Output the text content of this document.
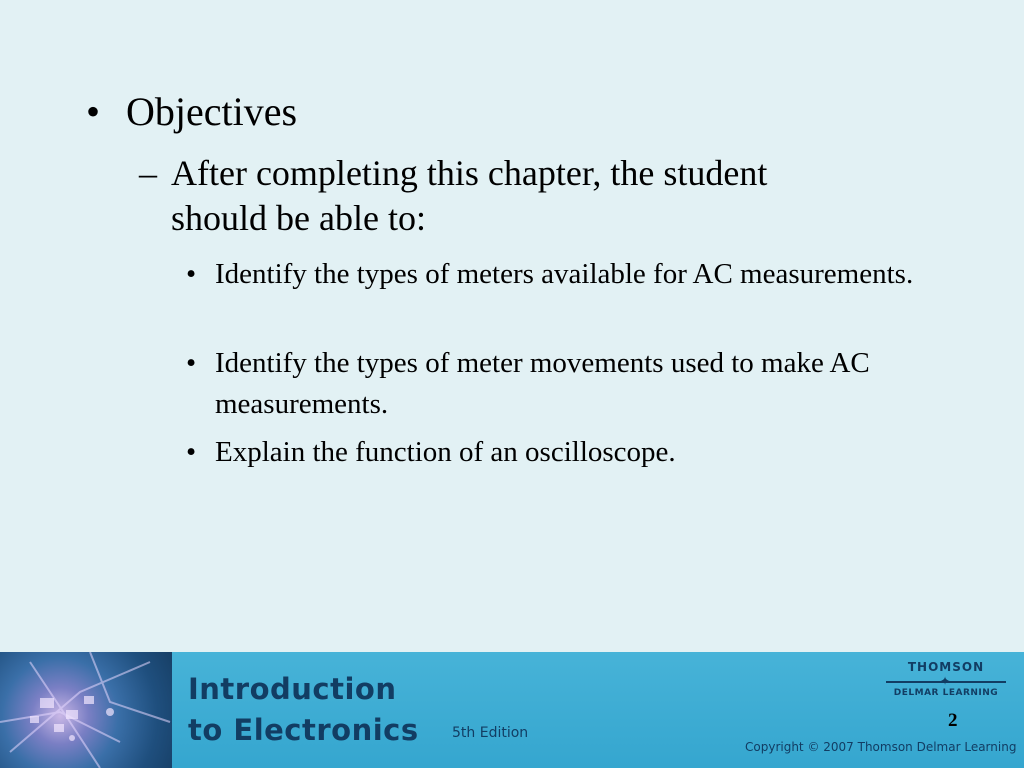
• Objectives
– After completing this chapter, the student should be able to:
• Identify the types of meters available for AC measurements.
• Identify the types of meter movements used to make AC measurements.
• Explain the function of an oscilloscope.
Introduction
to Electronics 5th Edition
THOMSON
✦
DELMAR LEARNING
2
Copyright © 2007 Thomson Delmar Learning
